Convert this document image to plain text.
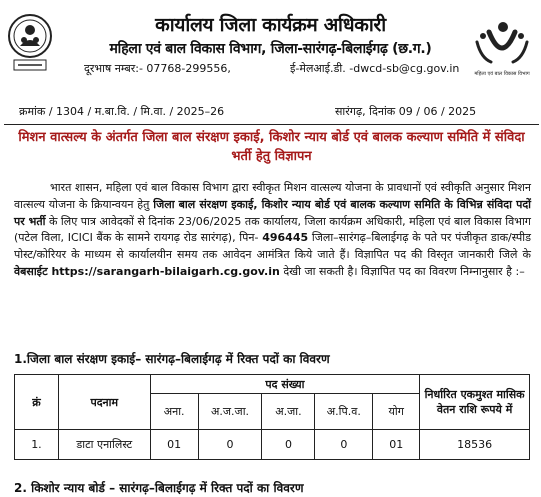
कार्यालय जिला कार्यक्रम अधिकारी
महिला एवं बाल विकास विभाग, जिला-सारंगढ़-बिलाईगढ़ (छ.ग.)
दूरभाष नम्बर:- 07768-299556,	ई-मेलआई.डी. -dwcd-sb@cg.gov.in	महिला एवं बाल विकास विभाग
क्रमांक / 1304 / म.बा.वि. / मि.वा. / 2025–26	सारंगढ़, दिनांक 09 / 06 / 2025
मिशन वात्सल्य के अंतर्गत जिला बाल संरक्षण इकाई, किशोर न्याय बोर्ड एवं बालक कल्याण समिति में संविदा भर्ती हेतु विज्ञापन
भारत शासन, महिला एवं बाल विकास विभाग द्वारा स्वीकृत मिशन वात्सल्य योजना के प्रावधानों एवं स्वीकृति अनुसार मिशन वात्सल्य योजना के क्रियान्वयन हेतु जिला बाल संरक्षण इकाई, किशोर न्याय बोर्ड एवं बालक कल्याण समिति के विभिन्न संविदा पदों पर भर्ती के लिए पात्र आवेदकों से दिनांक 23/06/2025 तक कार्यालय, जिला कार्यक्रम अधिकारी, महिला एवं बाल विकास विभाग (पटेल विला, ICICI बैंक के सामने रायगढ़ रोड सारंगढ़), पिन- 496445 जिला–सारंगढ़–बिलाईगढ़ के पते पर पंजीकृत डाक/स्पीड पोस्ट/कोरियर के माध्यम से कार्यालयीन समय तक आवेदन आमंत्रित किये जाते हैं। विज्ञापित पद की विस्तृत जानकारी जिले के वेबसाईट https://sarangarh-bilaigarh.cg.gov.in देखी जा सकती है। विज्ञापित पद का विवरण निम्नानुसार है :–
1.जिला बाल संरक्षण इकाई– सारंगढ़–बिलाईगढ़ में रिक्त पदों का विवरण
क्रं	पदनाम	पद संख्या					निर्धारित एकमुश्त मासिक वेतन राशि रूपये में
		अना.	अ.ज.जा.	अ.जा.	अ.पि.व.	योग	
1.	डाटा एनालिस्ट	01	0	0	0	01	18536
2. किशोर न्याय बोर्ड – सारंगढ़–बिलाईगढ़ में रिक्त पदों का विवरण
